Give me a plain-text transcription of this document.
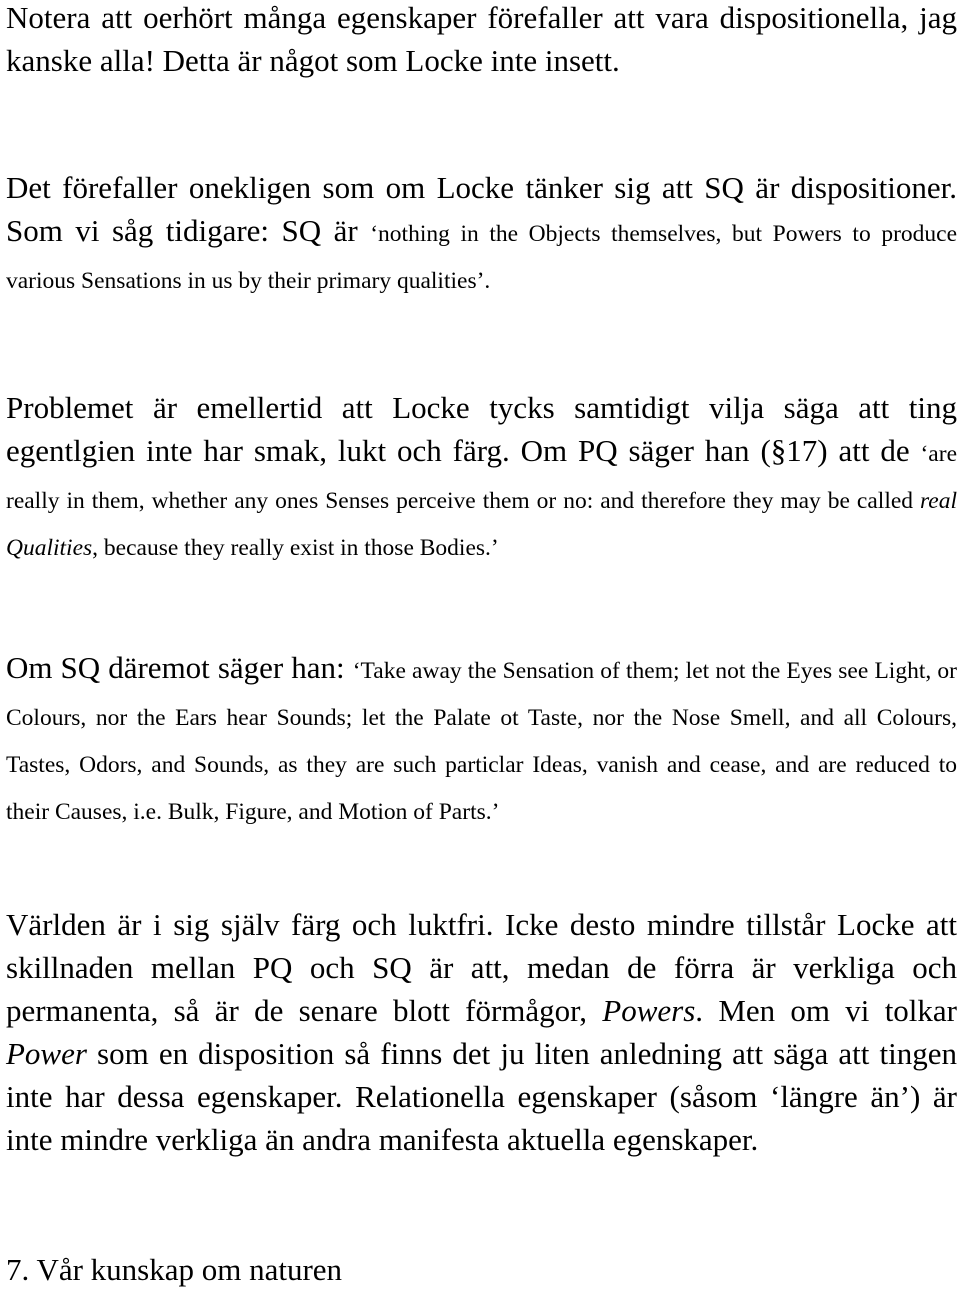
Notera att oerhört många egenskaper förefaller att vara dispositionella, jag kanske alla! Detta är något som Locke inte insett.

Det förefaller onekligen som om Locke tänker sig att SQ är dispositioner. Som vi såg tidigare: SQ är ‘nothing in the Objects themselves, but Powers to produce various Sensations in us by their primary qualities’.

Problemet är emellertid att Locke tycks samtidigt vilja säga att ting egentlgien inte har smak, lukt och färg. Om PQ säger han (§17) att de ‘are really in them, whether any ones Senses perceive them or no: and therefore they may be called real Qualities, because they really exist in those Bodies.’

Om SQ däremot säger han: ‘Take away the Sensation of them; let not the Eyes see Light, or Colours, nor the Ears hear Sounds; let the Palate ot Taste, nor the Nose Smell, and all Colours, Tastes, Odors, and Sounds, as they are such particlar Ideas, vanish and cease, and are reduced to their Causes, i.e. Bulk, Figure, and Motion of Parts.’

Världen är i sig själv färg och luktfri. Icke desto mindre tillstår Locke att skillnaden mellan PQ och SQ är att, medan de förra är verkliga och permanenta, så är de senare blott förmågor, Powers. Men om vi tolkar Power som en disposition så finns det ju liten anledning att säga att tingen inte har dessa egenskaper. Relationella egenskaper (såsom ‘längre än’) är inte mindre verkliga än andra manifesta aktuella egenskaper.

7. Vår kunskap om naturen
